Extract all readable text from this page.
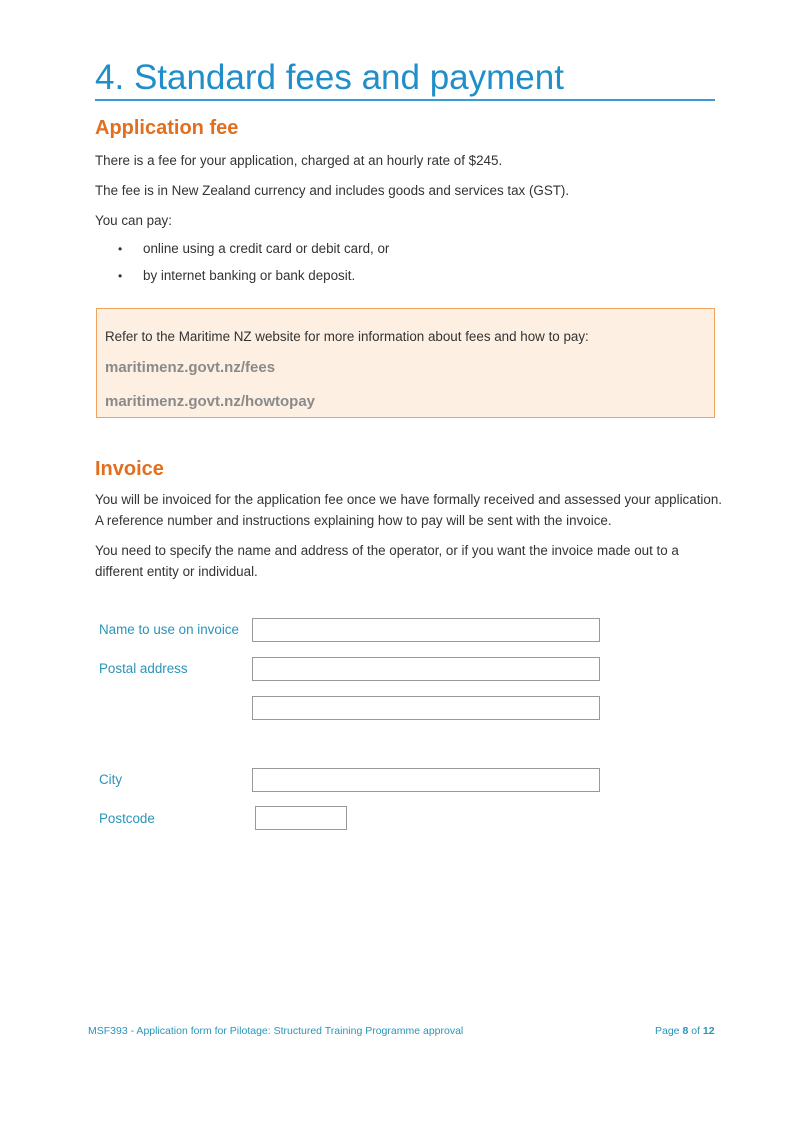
4. Standard fees and payment
Application fee
There is a fee for your application, charged at an hourly rate of $245.
The fee is in New Zealand currency and includes goods and services tax (GST).
You can pay:
• online using a credit card or debit card, or
• by internet banking or bank deposit.
Refer to the Maritime NZ website for more information about fees and how to pay:
maritimenz.govt.nz/fees
maritimenz.govt.nz/howtopay
Invoice
You will be invoiced for the application fee once we have formally received and assessed your application.
A reference number and instructions explaining how to pay will be sent with the invoice.
You need to specify the name and address of the operator, or if you want the invoice made out to a
different entity or individual.
Name to use on invoice
Postal address
City
Postcode
MSF393 - Application form for Pilotage: Structured Training Programme approval	Page 8 of 12
